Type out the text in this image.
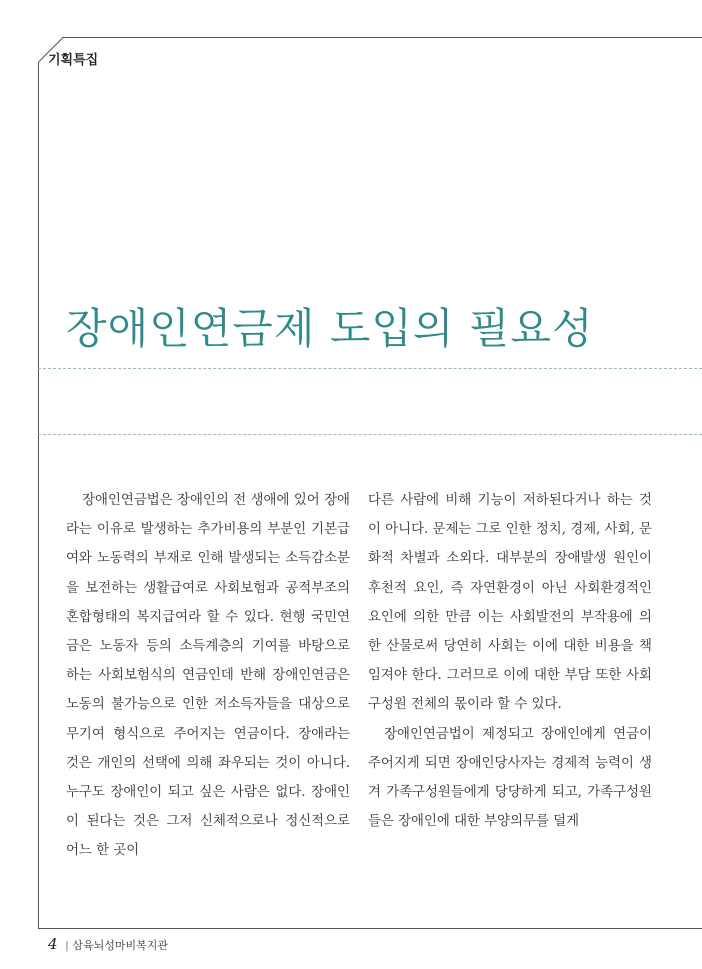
기획특집
장애인연금제 도입의 필요성

장애인연금법은 장애인의 전 생애에 있어 장애라는 이유로 발생하는 추가비용의 부분인 기본급여와 노동력의 부재로 인해 발생되는 소득감소분을 보전하는 생활급여로 사회보험과 공적부조의 혼합형태의 복지급여라 할 수 있다. 현행 국민연금은 노동자 등의 소득계층의 기여를 바탕으로 하는 사회보험식의 연금인데 반해 장애인연금은 노동의 불가능으로 인한 저소득자들을 대상으로 무기여 형식으로 주어지는 연금이다. 장애라는 것은 개인의 선택에 의해 좌우되는 것이 아니다. 누구도 장애인이 되고 싶은 사람은 없다. 장애인이 된다는 것은 그저 신체적으로나 정신적으로 어느 한 곳이

다른 사람에 비해 기능이 저하된다거나 하는 것이 아니다. 문제는 그로 인한 정치, 경제, 사회, 문화적 차별과 소외다. 대부분의 장애발생 원인이 후천적 요인, 즉 자연환경이 아닌 사회환경적인 요인에 의한 만큼 이는 사회발전의 부작용에 의한 산물로써 당연히 사회는 이에 대한 비용을 책임져야 한다. 그러므로 이에 대한 부담 또한 사회구성원 전체의 몫이라 할 수 있다.

장애인연금법이 제정되고 장애인에게 연금이 주어지게 되면 장애인당사자는 경제적 능력이 생겨 가족구성원들에게 당당하게 되고, 가족구성원들은 장애인에 대한 부양의무를 덜게

4 | 삼육뇌성마비복지관
